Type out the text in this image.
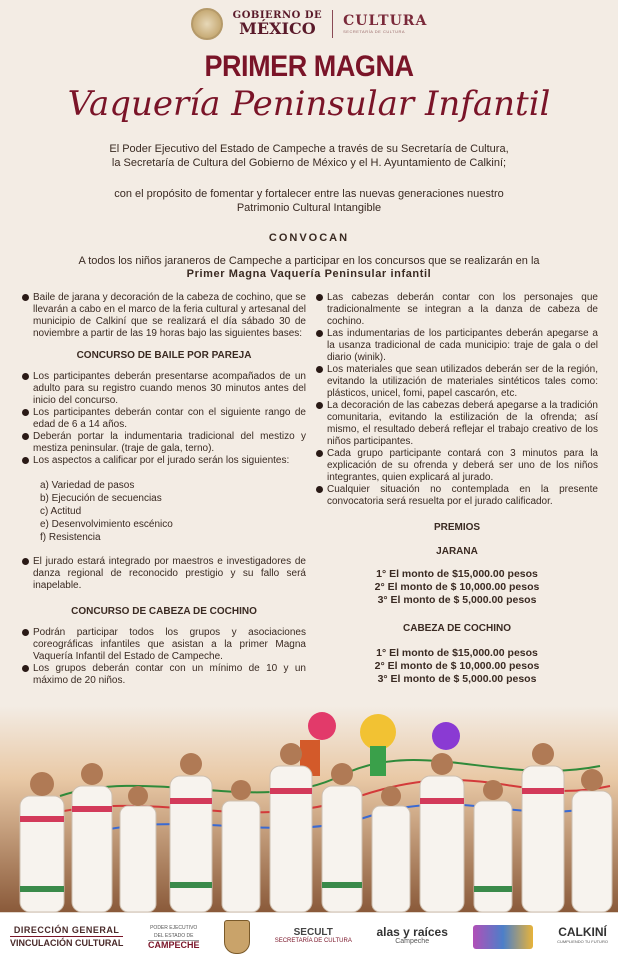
GOBIERNO DE
MÉXICO	CULTURA
SECRETARÍA DE CULTURA
PRIMER MAGNA
Vaquería Peninsular Infantil
El Poder Ejecutivo del Estado de Campeche a través de su Secretaría de Cultura,
la Secretaría de Cultura del Gobierno de México y el H. Ayuntamiento de Calkiní;
con el propósito de fomentar y fortalecer entre las nuevas generaciones nuestro
Patrimonio Cultural Intangible
CONVOCAN
A todos los niños jaraneros de Campeche a participar en los concursos que se realizarán en la
Primer Magna Vaquería Peninsular infantil
Baile de jarana y decoración de la cabeza de cochino, que se llevarán a cabo en el marco de la feria cultural y artesanal del municipio de Calkiní que se realizará el día sábado 30 de noviembre a partir de las 19 horas bajo las siguientes bases:
CONCURSO DE BAILE POR PAREJA
Los participantes deberán presentarse acompañados de un adulto para su registro cuando menos 30 minutos antes del inicio del concurso.
Los participantes deberán contar con el siguiente rango de edad de 6 a 14 años.
Deberán portar la indumentaria tradicional del mestizo y mestiza peninsular. (traje de gala, terno).
Los aspectos a calificar por el jurado serán los siguientes:
a) Variedad de pasos
b) Ejecución de secuencias
c) Actitud
e) Desenvolvimiento escénico
f) Resistencia
El jurado estará integrado por maestros e investigadores de danza regional de reconocido prestigio y su fallo será inapelable.
CONCURSO DE CABEZA DE COCHINO
Podrán participar todos los grupos y asociaciones coreográficas infantiles que asistan a la primer Magna Vaquería Infantil del Estado de Campeche.
Los grupos deberán contar con un mínimo de 10 y un máximo de 20 niños.
Las cabezas deberán contar con los personajes que tradicionalmente se integran a la danza de cabeza de cochino.
Las indumentarias de los participantes deberán apegarse a la usanza tradicional de cada municipio: traje de gala o del diario (winik).
Los materiales que sean utilizados deberán ser de la región, evitando la utilización de materiales sintéticos tales como: plásticos, unicel, fomi, papel cascarón, etc.
La decoración de las cabezas deberá apegarse a la tradición comunitaria, evitando la estilización de la ofrenda; así mismo, el resultado deberá reflejar el trabajo creativo de los niños participantes.
Cada grupo participante contará con 3 minutos para la explicación de su ofrenda y deberá ser uno de los niños integrantes, quien explicará al jurado.
Cualquier situación no contemplada en la presente convocatoria será resuelta por el jurado calificador.
PREMIOS
JARANA
1° El monto de $15,000.00 pesos
2° El monto de $ 10,000.00 pesos
3° El monto de $ 5,000.00 pesos
CABEZA DE COCHINO
1° El monto de $15,000.00 pesos
2° El monto de $ 10,000.00 pesos
3° El monto de $ 5,000.00 pesos
DIRECCIÓN GENERAL
VINCULACIÓN CULTURAL
PODER EJECUTIVO
DEL ESTADO DE
CAMPECHE
SECULT
SECRETARÍA DE CULTURA
alas y raíces
Campeche
CALKINÍ
CUMPLIENDO TU FUTURO
